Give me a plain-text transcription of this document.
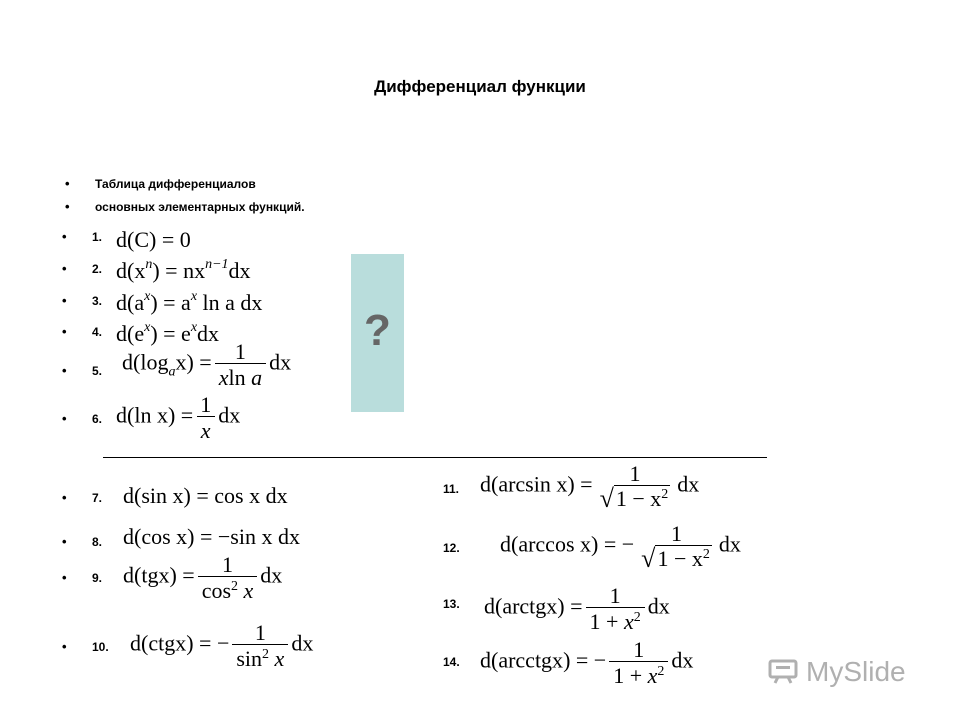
Дифференциал функции
• Таблица дифференциалов
• основных элементарных функций.
• 1.
• 2.
• 3.
• 4.
• 5.
• 6.
• 7.
• 8.
• 9.
• 10.
11.
12.
13.
14.
d(C) = 0
$d(x^n) = nx^{n-1}dx$
$d(a^x) = a^x$ ln a dx
$d(e^x) = e^xdx$
$d(\log_ax) = \frac{1}{\text{xln a}}$ dx
d(ln $x) = \frac{1}{x}$ dx
d(sin x) = cos x dx
d(cos x) = −sin x dx
$d(tgx) = \frac{1}{\cos^2 x}$ dx
d(ctgx) = − $\frac{1}{\sin^2 x}$ dx
d(arcsin x) = 1
√ $1 - x^2$ dx
d(arccos x) = − 1
√ $1 - x^2$ dx
d(arctgx) = $\frac{1}{1 + x^2}$ dx
d(arcctgx) = − $\frac{1}{1 + x^2}$ dx
?
MySlide
